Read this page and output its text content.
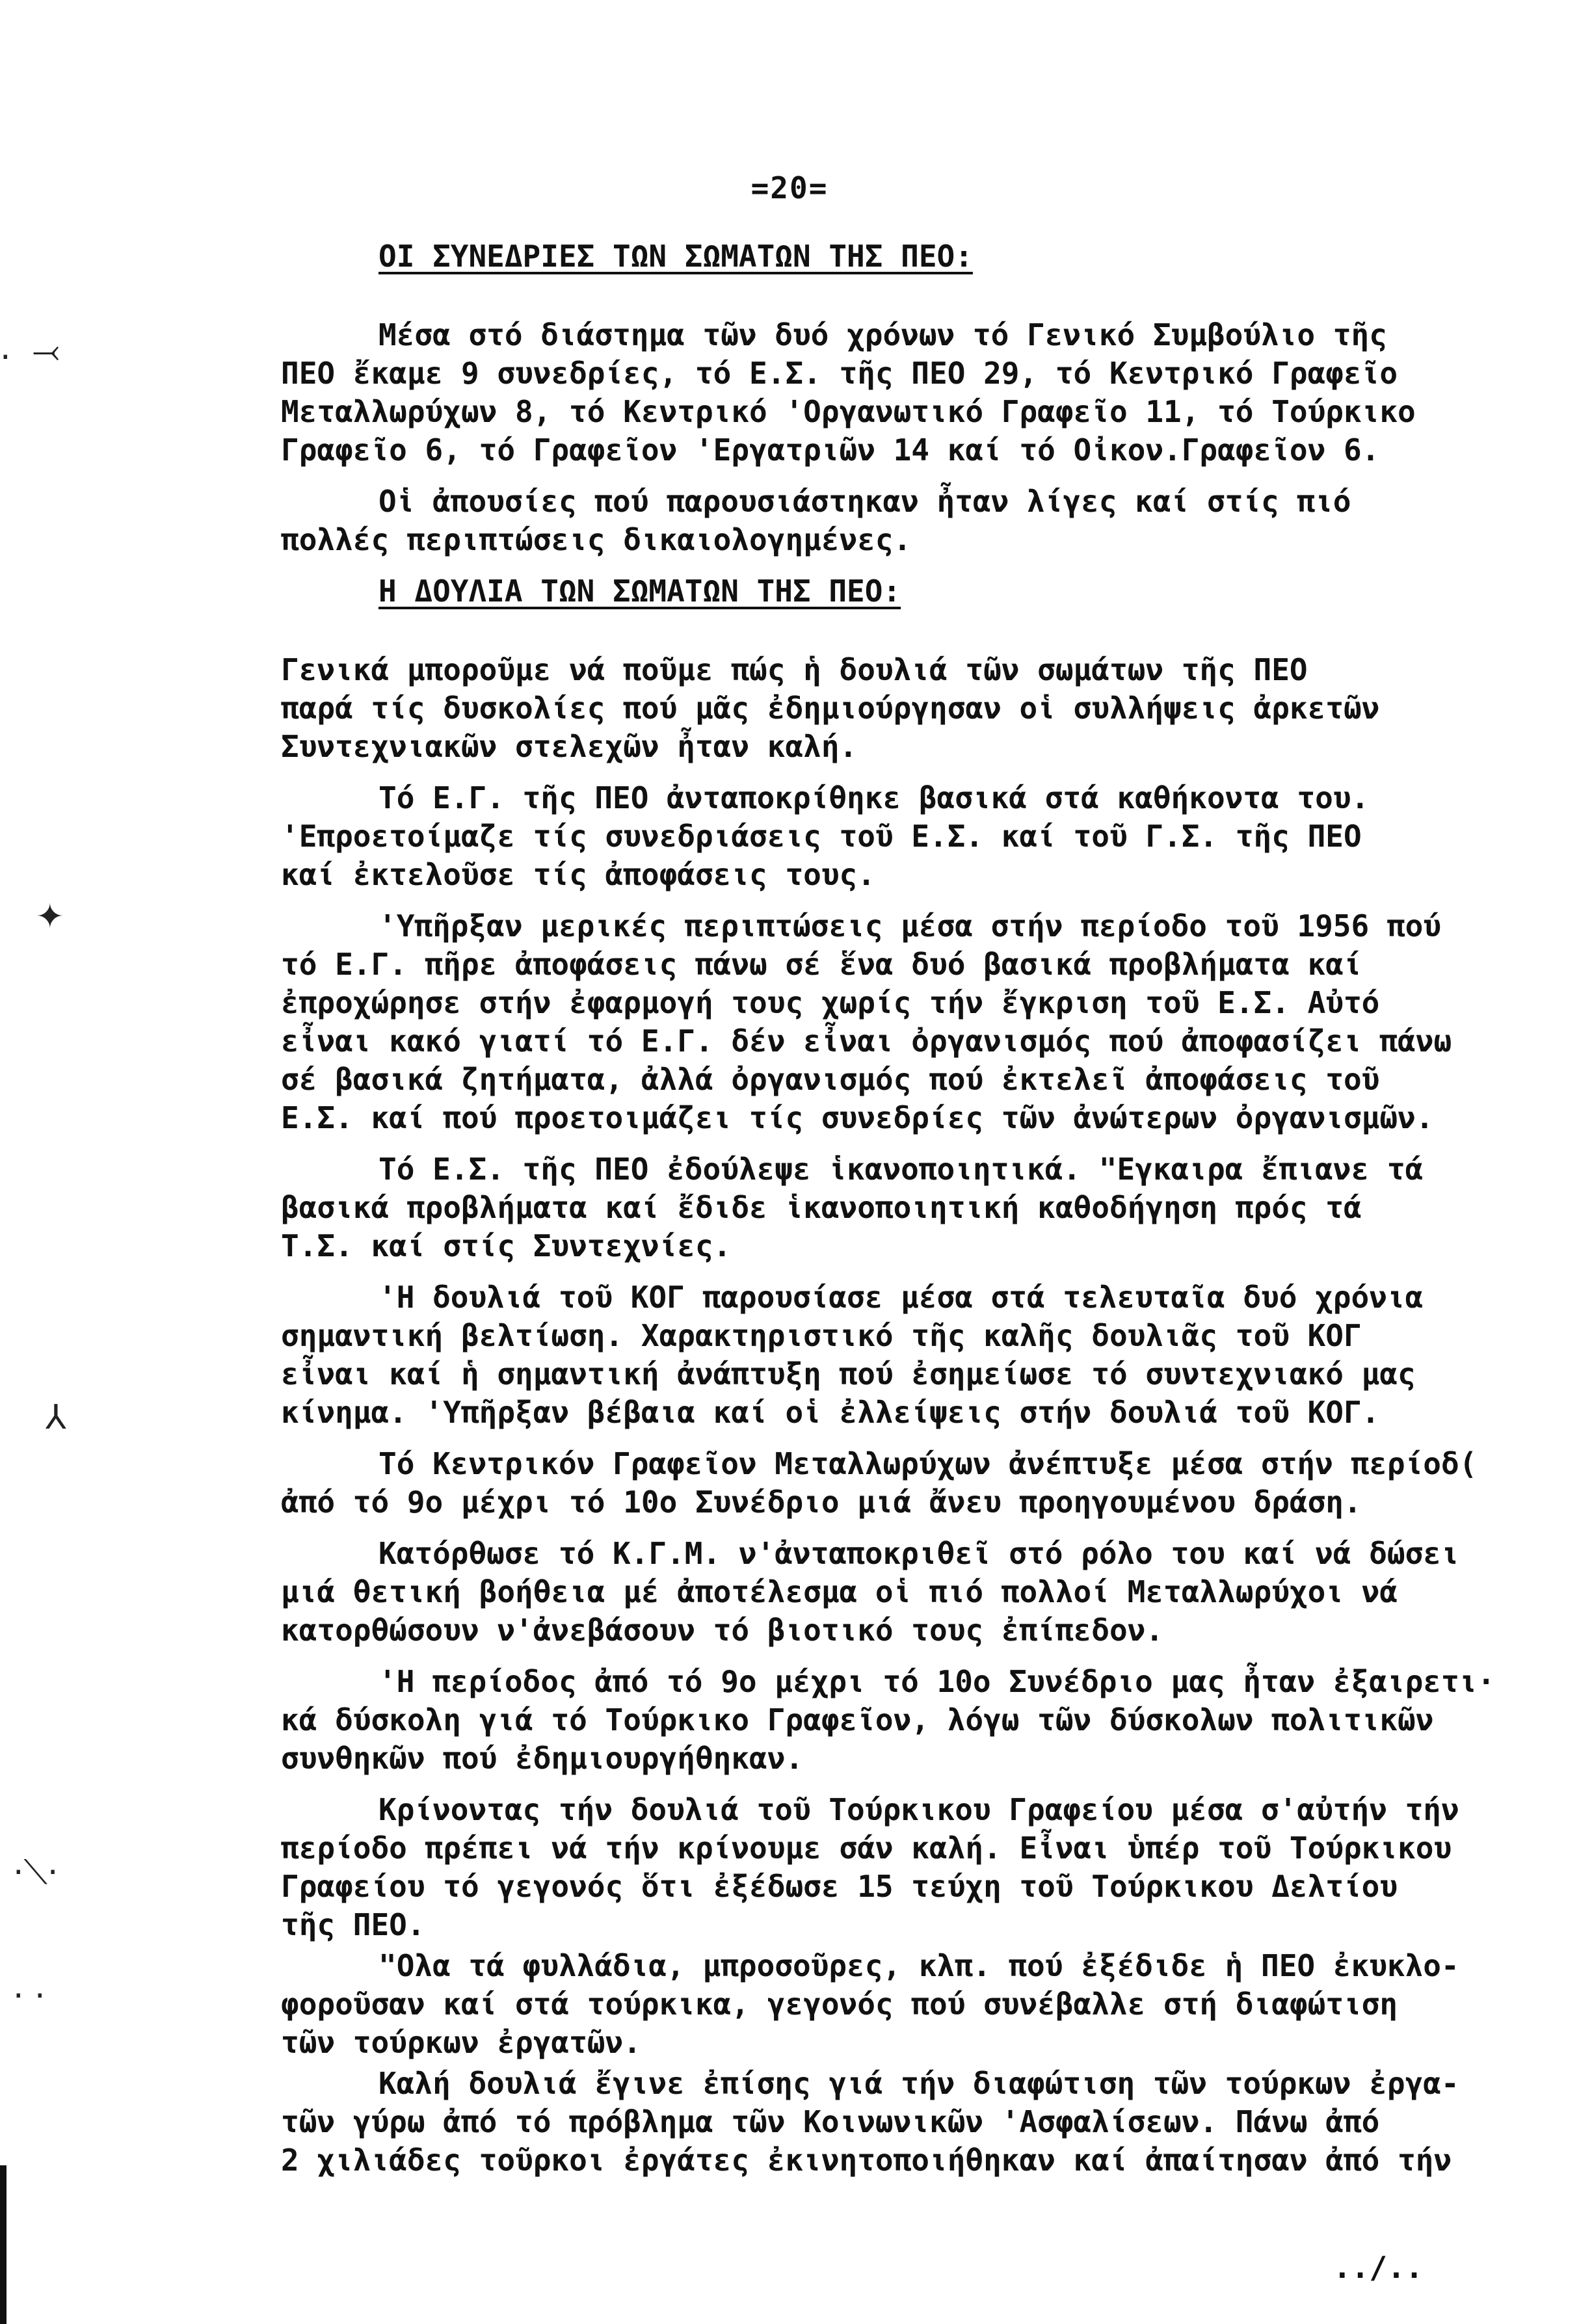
=20=
ΟΙ ΣΥΝΕΔΡΙΕΣ ΤΩΝ ΣΩΜΑΤΩΝ ΤΗΣ ΠΕΟ:
Μέσα στό διάστημα τῶν δυό χρόνων τό Γενικό Συμβούλιο τῆς
ΠΕΟ ἔκαμε 9 συνεδρίες, τό Ε.Σ. τῆς ΠΕΟ 29, τό Κεντρικό Γραφεῖο
Μεταλλωρύχων 8, τό Κεντρικό 'Οργανωτικό Γραφεῖο 11, τό Τούρκικο
Γραφεῖο 6, τό Γραφεῖον 'Εργατριῶν 14 καί τό Οἰκον.Γραφεῖον 6.
Οἱ ἀπουσίες πού παρουσιάστηκαν ἦταν λίγες καί στίς πιό
πολλές περιπτώσεις δικαιολογημένες.
Η ΔΟΥΛΙΑ ΤΩΝ ΣΩΜΑΤΩΝ ΤΗΣ ΠΕΟ:
Γενικά μποροῦμε νά ποῦμε πώς ἡ δουλιά τῶν σωμάτων τῆς ΠΕΟ
παρά τίς δυσκολίες πού μᾶς ἐδημιούργησαν οἱ συλλήψεις ἀρκετῶν
Συντεχνιακῶν στελεχῶν ἦταν καλή.
Τό Ε.Γ. τῆς ΠΕΟ ἀνταποκρίθηκε βασικά στά καθήκοντα του.
'Επροετοίμαζε τίς συνεδριάσεις τοῦ Ε.Σ. καί τοῦ Γ.Σ. τῆς ΠΕΟ
καί ἐκτελοῦσε τίς ἀποφάσεις τους.
'Υπῆρξαν μερικές περιπτώσεις μέσα στήν περίοδο τοῦ 1956 πού
τό Ε.Γ. πῆρε ἀποφάσεις πάνω σέ ἕνα δυό βασικά προβλήματα καί
ἐπροχώρησε στήν ἐφαρμογή τους χωρίς τήν ἔγκριση τοῦ Ε.Σ. Αὐτό
εἶναι κακό γιατί τό Ε.Γ. δέν εἶναι ὀργανισμός πού ἀποφασίζει πάνω
σέ βασικά ζητήματα, ἀλλά ὀργανισμός πού ἐκτελεῖ ἀποφάσεις τοῦ
Ε.Σ. καί πού προετοιμάζει τίς συνεδρίες τῶν ἀνώτερων ὀργανισμῶν.
Τό Ε.Σ. τῆς ΠΕΟ ἐδούλεψε ἱκανοποιητικά. "Εγκαιρα ἔπιανε τά
βασικά προβλήματα καί ἔδιδε ἱκανοποιητική καθοδήγηση πρός τά
Τ.Σ. καί στίς Συντεχνίες.
'Η δουλιά τοῦ ΚΟΓ παρουσίασε μέσα στά τελευταῖα δυό χρόνια
σημαντική βελτίωση. Χαρακτηριστικό τῆς καλῆς δουλιᾶς τοῦ ΚΟΓ
εἶναι καί ἡ σημαντική ἀνάπτυξη πού ἐσημείωσε τό συντεχνιακό μας
κίνημα. 'Υπῆρξαν βέβαια καί οἱ ἐλλείψεις στήν δουλιά τοῦ ΚΟΓ.
Τό Κεντρικόν Γραφεῖον Μεταλλωρύχων ἀνέπτυξε μέσα στήν περίοδ(
ἀπό τό 9ο μέχρι τό 10ο Συνέδριο μιά ἄνευ προηγουμένου δράση.
Κατόρθωσε τό Κ.Γ.Μ. ν'ἀνταποκριθεῖ στό ρόλο του καί νά δώσει
μιά θετική βοήθεια μέ ἀποτέλεσμα οἱ πιό πολλοί Μεταλλωρύχοι νά
κατορθώσουν ν'ἀνεβάσουν τό βιοτικό τους ἐπίπεδον.
'Η περίοδος ἀπό τό 9ο μέχρι τό 10ο Συνέδριο μας ἦταν ἐξαιρετι·
κά δύσκολη γιά τό Τούρκικο Γραφεῖον, λόγω τῶν δύσκολων πολιτικῶν
συνθηκῶν πού ἐδημιουργήθηκαν.
Κρίνοντας τήν δουλιά τοῦ Τούρκικου Γραφείου μέσα σ'αὐτήν τήν
περίοδο πρέπει νά τήν κρίνουμε σάν καλή. Εἶναι ὑπέρ τοῦ Τούρκικου
Γραφείου τό γεγονός ὅτι ἐξέδωσε 15 τεύχη τοῦ Τούρκικου Δελτίου
τῆς ΠΕΟ.
"Ολα τά φυλλάδια, μπροσοῦρες, κλπ. πού ἐξέδιδε ἡ ΠΕΟ ἐκυκλο-
φοροῦσαν καί στά τούρκικα, γεγονός πού συνέβαλλε στή διαφώτιση
τῶν τούρκων ἐργατῶν.
Καλή δουλιά ἔγινε ἐπίσης γιά τήν διαφώτιση τῶν τούρκων ἐργα-
τῶν γύρω ἀπό τό πρόβλημα τῶν Κοινωνικῶν 'Ασφαλίσεων. Πάνω ἀπό
2 χιλιάδες τοῦρκοι ἐργάτες ἐκινητοποιήθηκαν καί ἀπαίτησαν ἀπό τήν
../..
· ⤙
✦
⅄
·⟍·
· ·
